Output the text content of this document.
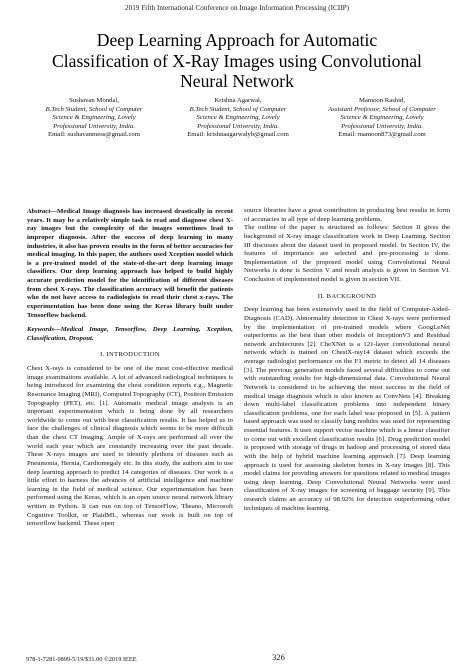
2019 Fifth International Conference on Image Information Processing (ICIIP)
Deep Learning Approach for Automatic
Classification of X-Ray Images using Convolutional
Neural Network
Sushavan Mondal,
B.Tech Student, School of Computer
Science & Engineering, Lovely
Professional University, India.
Email: sushavanmess@gmail.com
Krishna Agarwal,
B.Tech Student, School of Computer
Science & Engineering, Lovely
Professional University, India.
Email: krishnaagarwalyb@gmail.com
Mamoon Rashid,
Assistant Professor, School of Computer
Science & Engineering, Lovely
Professional University, India.
Email: mamoon873@gmail.com

Abstract—Medical Image diagnosis has increased drastically in recent years. It may be a relatively simple task to read and diagnose chest X-ray images but the complexity of the images sometimes lead to improper diagnosis. After the success of deep learning in many industries, it also has proven results in the form of better accuracies for medical imaging. In this paper, the authors used Xception model which is a pre-trained model of the state-of-the-art deep learning image classifiers. Our deep learning approach has helped to build highly accurate prediction model for the identification of different diseases from chest X-rays. The classification accuracy will benefit the patients who do not have access to radiologists to read their chest x-rays. The experimentation has been done using the Keras library built under Tensorflow backend.

Keywords—Medical Image, Tensorflow, Deep Learning, Xception, Classification, Dropout.

I. INTRODUCTION

Chest X-rays is considered to be one of the most cost-effective medical image examinations available. A lot of advanced radiological techniques is being introduced for examining the chest condition reports e.g., Magnetic Resonance Imaging (MRI), Computed Topography (CT), Positron Emission Topography (PET), etc. [1]. Automatic medical image analysis is an important experimentation which is being done by all researchers worldwide to come out with best classification results. It has helped us to face the challenges of clinical diagnosis which seems to be more difficult than the chest CT imaging. Ample of X-rays are performed all over the world each year which are constantly increasing over the past decade. These X-rays images are used to identify plethora of diseases such as Pneumonia, Hernia, Cardiomegaly etc. In this study, the authors aim to use deep learning approach to predict 14 categories of diseases. Our work is a little effort to harness the advances of artificial intelligence and machine learning in the field of medical science. Our experimentation has been performed using the Keras, which is an open source neural network library written in Python. It can run on top of TensorFlow, Theano, Microsoft Cognitive Toolkit, or PlaidML, whereas our work is built on top of tensorflow backend. These open

source libraries have a great contribution in producing best results in form of accuracies in all type of deep learning problems.

The outline of the paper is structured as follows: Section II gives the background of X-ray image classification work in Deep Learning. Section III discusses about the dataset used in proposed model. In Section IV, the features of importance are selected and pre-processing is done. Implementation of the proposed model using Convolutional Neural Networks is done is Section V and result analysis is given in Section VI. Conclusion of implemented model is given in section VII.

II. BACKGROUND

Deep learning has been extensively used in the field of Computer-Aided-Diagnosis (CAD). Abnormality detection in Chest X-rays were performed by the implementation of pre-trained models where GoogLeNet outperforms as the best than other models of InceptionV3 and Residual network architectures [2]. CheXNet is a 121-layer convolutional neural network which is trained on ChestX-ray14 dataset which exceeds the average radiologist performance on the F1 metric to detect all 14 diseases [3]. The previous generation models faced several difficulties to come out with outstanding results for high-dimensional data. Convolutional Neural Network is considered to be achieving the most success in the field of medical image diagnosis which is also known as ConvNets [4]. Breaking down multi-label classification problems into independent binary classification problems, one for each label was proposed in [5]. A pattern based approach was used to classify lung nodules was used for representing essential features. It uses support vector machine which is a linear classifier to come out with excellent classification results [6]. Drug prediction model is proposed with storage of drugs in hadoop and processing of stored data with the help of hybrid machine learning approach [7]. Deep learning approach is used for assessing skeleton bones in X-ray images [8]. This model claims for providing answers for questions related to medical images using deep learning. Deep Convolutional Neural Networks were used classification of X-ray images for screening of baggage security [9]. This research claims an accuracy of 98.92% for detection outperforming other techniques of machine learning.

978-1-7281-0899-5/19/$31.00 ©2019 IEEE	326
